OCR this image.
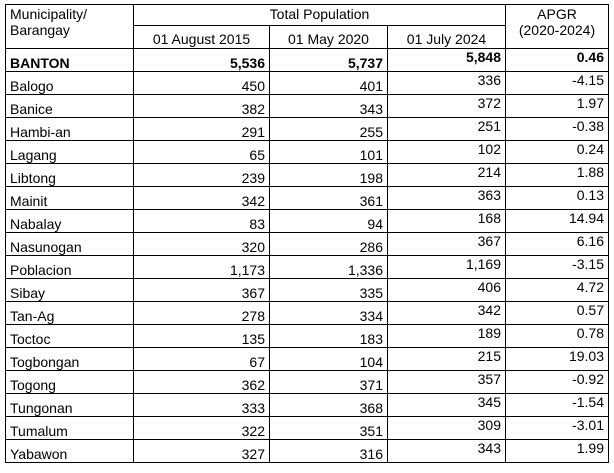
Municipality/
Barangay	Total Population			APGR
(2020-2024)
	01 August 2015	01 May 2020	01 July 2024	
BANTON	5,536	5,737	5,848	0.46
Balogo	450	401	336	-4.15
Banice	382	343	372	1.97
Hambi-an	291	255	251	-0.38
Lagang	65	101	102	0.24
Libtong	239	198	214	1.88
Mainit	342	361	363	0.13
Nabalay	83	94	168	14.94
Nasunogan	320	286	367	6.16
Poblacion	1,173	1,336	1,169	-3.15
Sibay	367	335	406	4.72
Tan-Ag	278	334	342	0.57
Toctoc	135	183	189	0.78
Togbongan	67	104	215	19.03
Togong	362	371	357	-0.92
Tungonan	333	368	345	-1.54
Tumalum	322	351	309	-3.01
Yabawon	327	316	343	1.99
